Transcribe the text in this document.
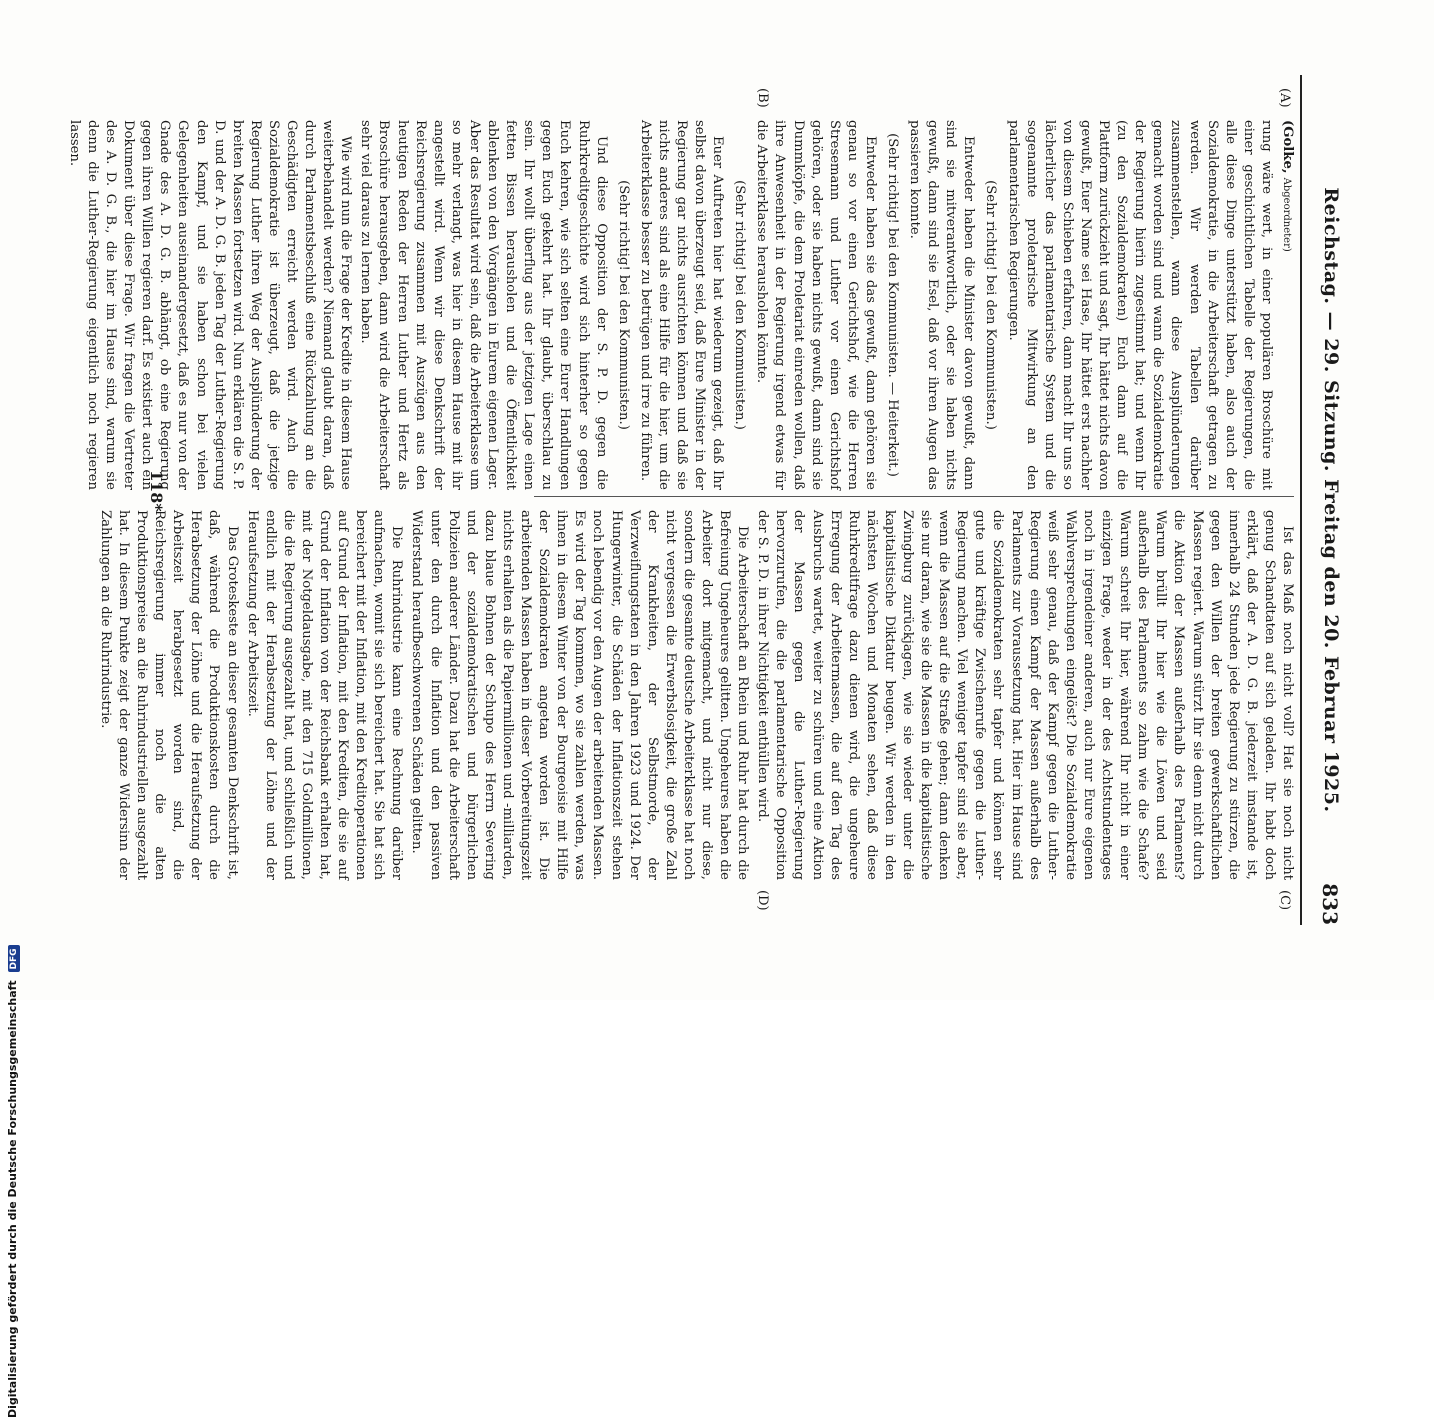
Reichstag. — 29. Sitzung. Freitag den 20. Februar 1925.
833
(A)
(B)
(C)
(D)

(Golke, Abgeordneter)

rung wäre wert, in einer populären Broschüre mit einer geschichtlichen Tabelle der Regierungen, die alle diese Dinge unterstützt haben, also auch der Sozialdemokratie, in die Arbeiterschaft getragen zu werden. Wir werden Tabellen darüber zusammenstellen, wann diese Ausplünderungen gemacht worden sind und wann die Sozialdemokratie der Regierung hierin zugestimmt hat; und wenn Ihr (zu den Sozialdemokraten) Euch dann auf die Plattform zurückzieht und sagt, Ihr hättet nichts davon gewußt, Euer Name sei Hase, Ihr hättet erst nachher von diesem Schieben erfahren, dann macht Ihr uns so lächerlicher das parlamentarische System und die sogenannte proletarische Mitwirkung an den parlamentarischen Regierungen.

(Sehr richtig! bei den Kommunisten.)

Entweder haben die Minister davon gewußt, dann sind sie mitverantwortlich, oder sie haben nichts gewußt, dann sind sie Esel, daß vor ihren Augen das passieren konnte.

(Sehr richtig! bei den Kommunisten. — Heiterkeit.)

Entweder haben sie das gewußt, dann gehören sie genau so vor einen Gerichtshof, wie die Herren Stresemann und Luther vor einen Gerichtshof gehören, oder sie haben nichts gewußt, dann sind sie Dummköpfe, die dem Proletariat einreden wollen, daß ihre Anwesenheit in der Regierung irgend etwas für die Arbeiterklasse herausholen könnte.

(Sehr richtig! bei den Kommunisten.)

Euer Auftreten hier hat wiederum gezeigt, daß Ihr selbst davon überzeugt seid, daß Eure Minister in der Regierung gar nichts ausrichten können und daß sie nichts anderes sind als eine Hilfe für die hier, um die Arbeiterklasse besser zu betrügen und irre zu führen.

(Sehr richtig! bei den Kommunisten.)

Und diese Opposition der S. P. D. gegen die Ruhrkreditgeschichte wird sich hinterher so gegen Euch kehren, wie sich selten eine Eurer Handlungen gegen Euch gekehrt hat. Ihr glaubt, überschlau zu sein. Ihr wollt überflug aus der jetzigen Lage einen fetten Bissen herausholen und die Öffentlichkeit ablenken von den Vorgängen in Eurem eigenen Lager. Aber das Resultat wird sein, daß die Arbeiterklasse um so mehr verlangt, was hier in diesem Hause mit ihr angestellt wird. Wenn wir diese Denkschrift der Reichsregierung zusammen mit Auszügen aus den heutigen Reden der Herren Luther und Hertz als Broschüre herausgeben, dann wird die Arbeiterschaft sehr viel daraus zu lernen haben.

Wie wird nun die Frage der Kredite in diesem Hause weiterbehandelt werden? Niemand glaubt daran, daß durch Parlamentsbeschluß eine Rückzahlung an die Geschädigten erreicht werden wird. Auch die Sozialdemokratie ist überzeugt, daß die jetzige Regierung Luther ihren Weg der Ausplünderung der breiten Massen fortsetzen wird. Nun erklären die S. P. D. und der A. D. G. B. jeden Tag der Luther-Regierung den Kampf, und sie haben schon bei vielen Gelegenheiten auseinandergesetzt, daß es nur von der Gnade des A. D. G. B. abhängt, ob eine Regierung gegen ihren Willen regieren darf. Es existiert auch ein Dokument über diese Frage. Wir fragen die Vertreter des A. D. G. B., die hier im Hause sind, warum sie denn die Luther-Regierung eigentlich noch regieren lassen.

Ist das Maß noch nicht voll? Hat sie noch nicht genug Schandtaten auf sich geladen. Ihr habt doch erklärt, daß der A. D. G. B. jederzeit imstande ist, innerhalb 24 Stunden jede Regierung zu stürzen, die gegen den Willen der breiten gewerkschaftlichen Massen regiert. Warum stürzt Ihr sie denn nicht durch die Aktion der Massen außerhalb des Parlaments? Warum brüllt Ihr hier wie die Löwen und seid außerhalb des Parlaments so zahm wie die Schafe? Warum schreit Ihr hier, während Ihr nicht in einer einzigen Frage, weder in der des Achtstundentages noch in irgendeiner anderen, auch nur Eure eigenen Wahlversprechungen eingelöst? Die Sozialdemokratie weiß sehr genau, daß der Kampf gegen die Luther-Regierung einen Kampf der Massen außerhalb des Parlaments zur Voraussetzung hat. Hier im Hause sind die Sozialdemokraten sehr tapfer und können sehr gute und kräftige Zwischenrufe gegen die Luther-Regierung machen. Viel weniger tapfer sind sie aber, wenn die Massen auf die Straße gehen; dann denken sie nur daran, wie sie die Massen in die kapitalistische Zwingburg zurückjagen, wie sie wieder unter die kapitalistische Diktatur beugen. Wir werden in den nächsten Wochen und Monaten sehen, daß diese Ruhrkreditfrage dazu dienen wird, die ungeheure Erregung der Arbeitermassen, die auf den Tag des Ausbruchs wartet, weiter zu schüren und eine Aktion der Massen gegen die Luther-Regierung hervorzurufen, die die parlamentarische Opposition der S. P. D. in ihrer Nichtigkeit enthüllen wird.

Die Arbeiterschaft an Rhein und Ruhr hat durch die Befreiung Ungeheures gelitten. Ungeheures haben die Arbeiter dort mitgemacht, und nicht nur diese, sondern die gesamte deutsche Arbeiterklasse hat noch nicht vergessen die Erwerbslosigkeit, die große Zahl der Krankheiten, der Selbstmorde, der Verzweiflungstaten in den Jahren 1923 und 1924. Der Hungerwinter, die Schäden der Inflationszeit stehen noch lebendig vor den Augen der arbeitenden Massen. Es wird der Tag kommen, wo sie zahlen werden, was ihnen in diesem Winter von der Bourgeoisie mit Hilfe der Sozialdemokraten angetan worden ist. Die arbeitenden Massen haben in dieser Vorbereitungszeit nichts erhalten als die Papiermillionen und -milliarden, dazu blaue Bohnen der Schupo des Herrn Severing und der sozialdemokratischen und bürgerlichen Polizeien anderer Länder. Dazu hat die Arbeiterschaft unter den durch die Inflation und den passiven Widerstand heraufbeschworenen Schäden gelitten.

Die Ruhrindustrie kann eine Rechnung darüber aufmachen, womit sie sich bereichert hat. Sie hat sich bereichert mit der Inflation, mit den Kreditoperationen auf Grund der Inflation, mit den Krediten, die sie auf Grund der Inflation von der Reichsbank erhalten hat, mit der Notgeldausgabe, mit den 715 Goldmillionen, die die Regierung ausgezahlt hat, und schließlich und endlich mit der Herabsetzung der Löhne und der Heraufsetzung der Arbeitszeit.

Das Groteskeste an dieser gesamten Denkschrift ist, daß, während die Produktionskosten durch die Herabsetzung der Löhne und die Heraufsetzung der Arbeitszeit herabgesetzt worden sind, die Reichsregierung immer noch die alten Produktionspreise an die Ruhrindustriellen ausgezahlt hat. In diesem Punkte zeigt der ganze Widersinn der Zahlungen an die Ruhrindustrie.

118*
Digitalisierung gefördert durch die Deutsche Forschungsgemeinschaft DFG
